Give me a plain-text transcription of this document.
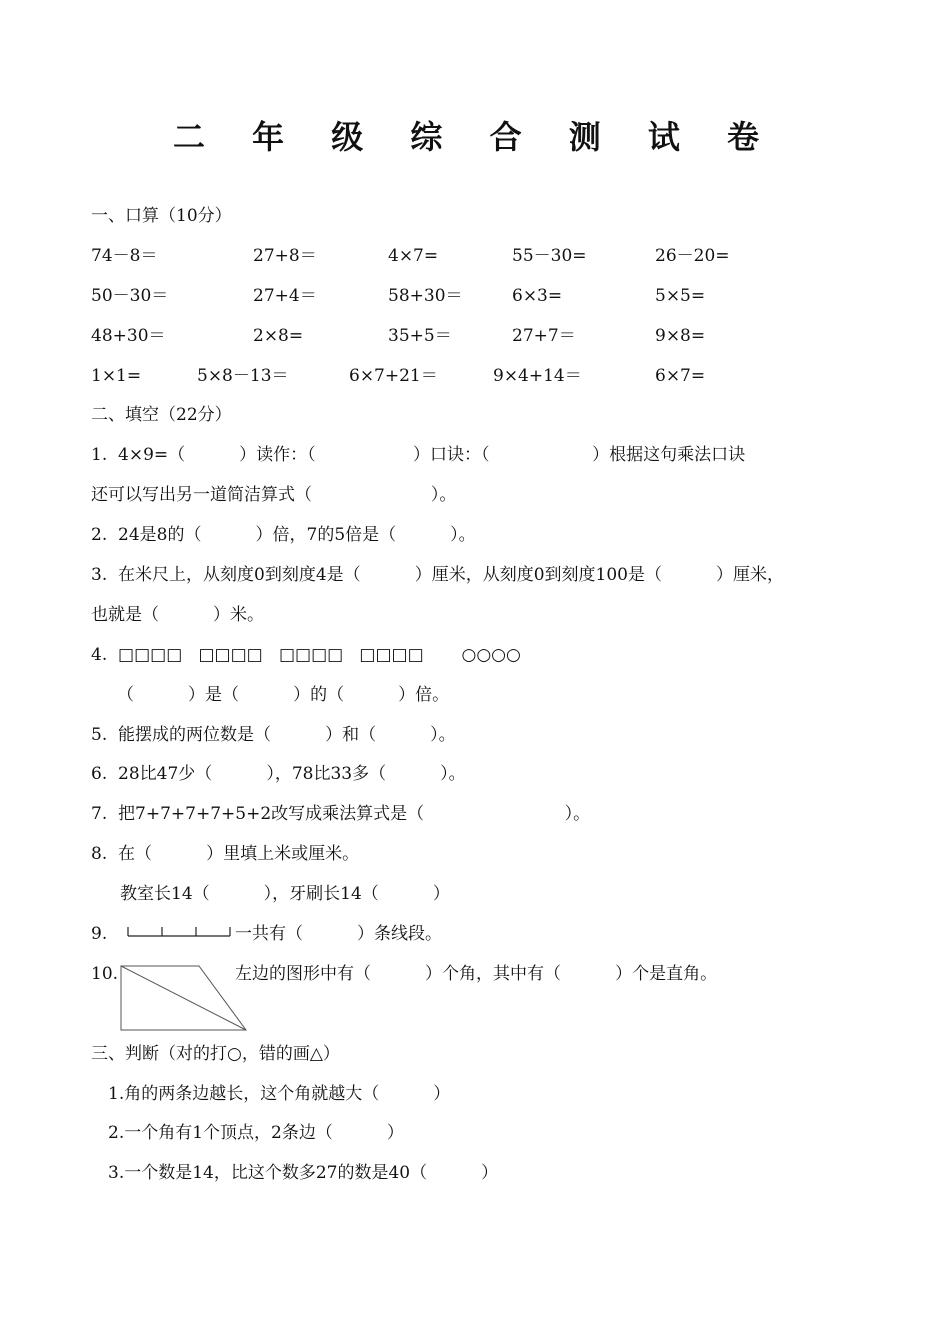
二 年 级 综 合 测 试 卷
一、口算（10分）
74－8＝	27+8＝	4×7=	55－30=	26－20=
50－30＝	27+4＝	58+30＝	6×3=	5×5=
48+30＝	2×8=	35+5＝	27+7＝	9×8=
1×1=	5×8－13＝	6×7+21＝	9×4+14＝	6×7=
二、填空（22分）
1.  4×9=（          ）读作：（                  ）口诀：（                   ）根据这句乘法口诀
还可以写出另一道简洁算式（                      ）。
2.  24是8的（          ）倍，7的5倍是（          ）。
3.  在米尺上，从刻度0到刻度4是（          ）厘米，从刻度0到刻度100是（          ）厘米，
也就是（          ）米。
4.  □□□□   □□□□   □□□□   □□□□       ○○○○
（          ）是（          ）的（          ）倍。
5.  能摆成的两位数是（          ）和（          ）。
6.  28比47少（          ），78比33多（          ）。
7.  把7+7+7+7+5+2改写成乘法算式是（                          ）。
8.  在（          ）里填上米或厘米。
教室长14（          ），牙刷长14（          ）
9.	一共有（          ）条线段。
10.	左边的图形中有（          ）个角，其中有（          ）个是直角。
三、判断（对的打○，错的画△）
1.角的两条边越长，这个角就越大（          ）
2.一个角有1个顶点，2条边（          ）
3.一个数是14，比这个数多27的数是40（          ）
